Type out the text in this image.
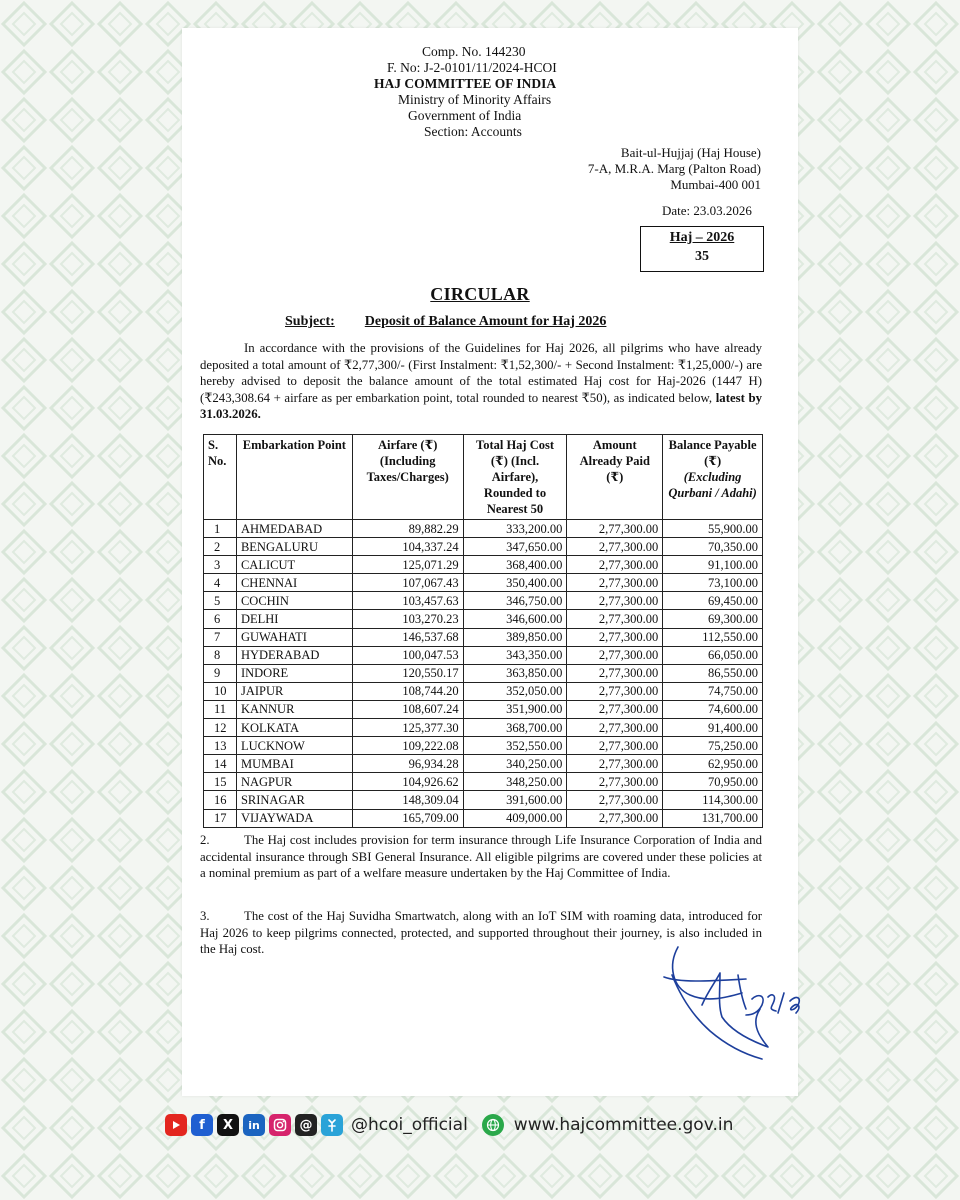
Comp. No. 144230
F. No: J-2-0101/11/2024-HCOI
HAJ COMMITTEE OF INDIA
Ministry of Minority Affairs
Government of India
Section: Accounts
Bait-ul-Hujjaj (Haj House)
7-A, M.R.A. Marg (Palton Road)
Mumbai-400 001
Date: 23.03.2026
Haj – 2026
35
CIRCULAR
Subject: Deposit of Balance Amount for Haj 2026
In accordance with the provisions of the Guidelines for Haj 2026, all pilgrims who have already deposited a total amount of ₹2,77,300/- (First Instalment: ₹1,52,300/- + Second Instalment: ₹1,25,000/-) are hereby advised to deposit the balance amount of the total estimated Haj cost for Haj-2026 (1447 H) (₹243,308.64 + airfare as per embarkation point, total rounded to nearest ₹50), as indicated below, latest by 31.03.2026.
S. No.	Embarkation Point	Airfare (₹) (Including Taxes/Charges)	Total Haj Cost (₹) (Incl. Airfare), Rounded to Nearest 50	Amount Already Paid (₹)	Balance Payable (₹)
(Excluding Qurbani / Adahi)
1	AHMEDABAD	89,882.29	333,200.00	2,77,300.00	55,900.00
2	BENGALURU	104,337.24	347,650.00	2,77,300.00	70,350.00
3	CALICUT	125,071.29	368,400.00	2,77,300.00	91,100.00
4	CHENNAI	107,067.43	350,400.00	2,77,300.00	73,100.00
5	COCHIN	103,457.63	346,750.00	2,77,300.00	69,450.00
6	DELHI	103,270.23	346,600.00	2,77,300.00	69,300.00
7	GUWAHATI	146,537.68	389,850.00	2,77,300.00	112,550.00
8	HYDERABAD	100,047.53	343,350.00	2,77,300.00	66,050.00
9	INDORE	120,550.17	363,850.00	2,77,300.00	86,550.00
10	JAIPUR	108,744.20	352,050.00	2,77,300.00	74,750.00
11	KANNUR	108,607.24	351,900.00	2,77,300.00	74,600.00
12	KOLKATA	125,377.30	368,700.00	2,77,300.00	91,400.00
13	LUCKNOW	109,222.08	352,550.00	2,77,300.00	75,250.00
14	MUMBAI	96,934.28	340,250.00	2,77,300.00	62,950.00
15	NAGPUR	104,926.62	348,250.00	2,77,300.00	70,950.00
16	SRINAGAR	148,309.04	391,600.00	2,77,300.00	114,300.00
17	VIJAYWADA	165,709.00	409,000.00	2,77,300.00	131,700.00
2.	The Haj cost includes provision for term insurance through Life Insurance Corporation of India and accidental insurance through SBI General Insurance. All eligible pilgrims are covered under these policies at a nominal premium as part of a welfare measure undertaken by the Haj Committee of India.
3.	The cost of the Haj Suvidha Smartwatch, along with an IoT SIM with roaming data, introduced for Haj 2026 to keep pilgrims connected, protected, and supported throughout their journey, is also included in the Haj cost.
f	X	in	@ @hcoi_official	www.hajcommittee.gov.in
